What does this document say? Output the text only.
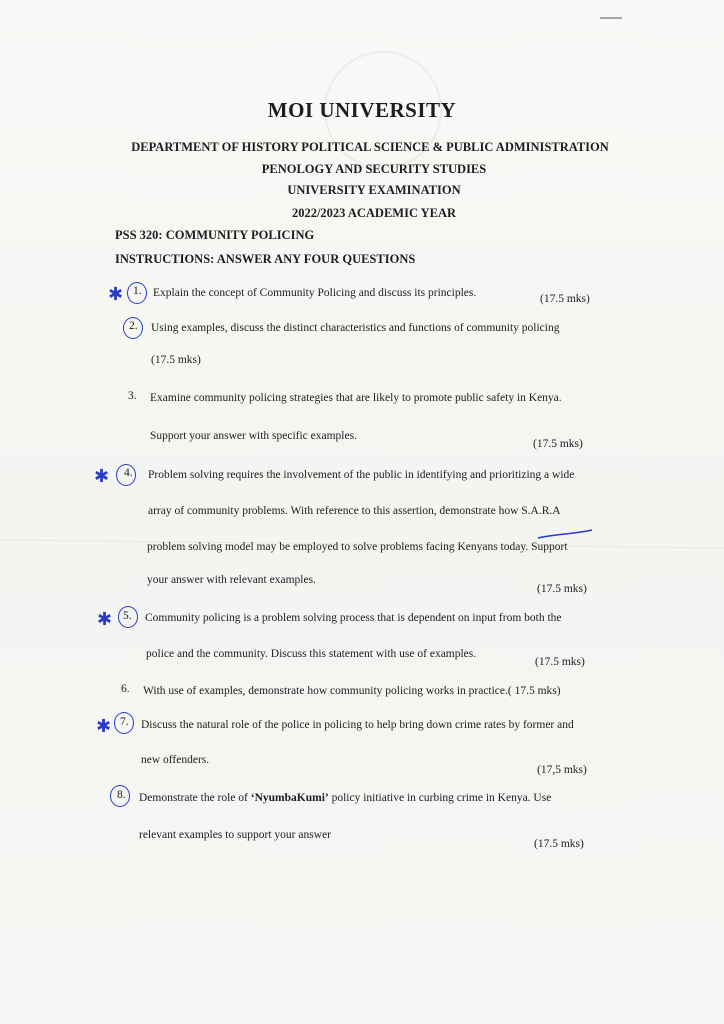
MOI UNIVERSITY
DEPARTMENT OF HISTORY POLITICAL SCIENCE & PUBLIC ADMINISTRATION
PENOLOGY AND SECURITY STUDIES
UNIVERSITY EXAMINATION
2022/2023 ACADEMIC YEAR
PSS 320: COMMUNITY POLICING
INSTRUCTIONS: ANSWER ANY FOUR QUESTIONS
✱ 1. Explain the concept of Community Policing and discuss its principles.	(17.5 mks)
2. Using examples, discuss the distinct characteristics and functions of community policing
(17.5 mks)
3. Examine community policing strategies that are likely to promote public safety in Kenya.
Support your answer with specific examples.
(17.5 mks)
✱ 4. Problem solving requires the involvement of the public in identifying and prioritizing a wide
array of community problems. With reference to this assertion, demonstrate how S.A.R.A
problem solving model may be employed to solve problems facing Kenyans today. Support
your answer with relevant examples.
(17.5 mks)
✱ 5. Community policing is a problem solving process that is dependent on input from both the
police and the community. Discuss this statement with use of examples.
(17.5 mks)
6. With use of examples, demonstrate how community policing works in practice.( 17.5 mks)
✱ 7. Discuss the natural role of the police in policing to help bring down crime rates by former and
new offenders.
(17,5 mks)
8. Demonstrate the role of ‘NyumbaKumi’ policy initiative in curbing crime in Kenya. Use
relevant examples to support your answer
(17.5 mks)
